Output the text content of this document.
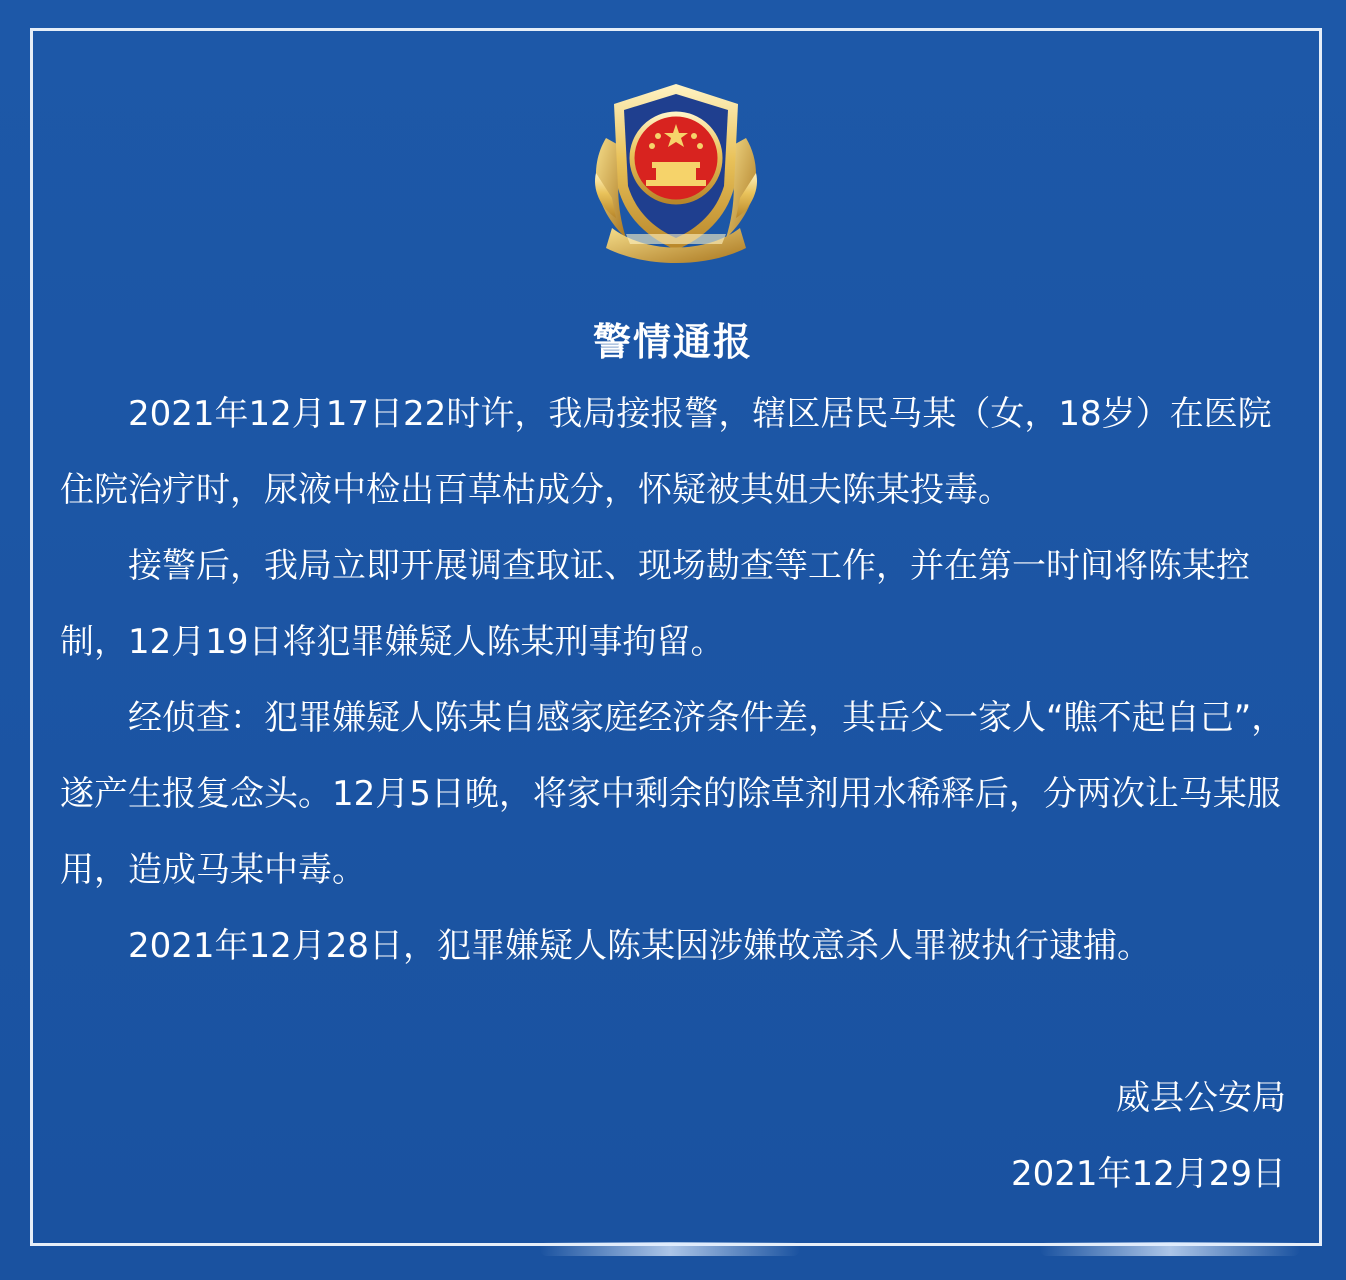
警情通报

2021年12月17日22时许，我局接报警，辖区居民马某（女，18岁）在医院住院治疗时，尿液中检出百草枯成分，怀疑被其姐夫陈某投毒。

接警后，我局立即开展调查取证、现场勘查等工作，并在第一时间将陈某控制，12月19日将犯罪嫌疑人陈某刑事拘留。

经侦查：犯罪嫌疑人陈某自感家庭经济条件差，其岳父一家人“瞧不起自己”，遂产生报复念头。12月5日晚，将家中剩余的除草剂用水稀释后，分两次让马某服用，造成马某中毒。

2021年12月28日，犯罪嫌疑人陈某因涉嫌故意杀人罪被执行逮捕。

威县公安局
2021年12月29日
